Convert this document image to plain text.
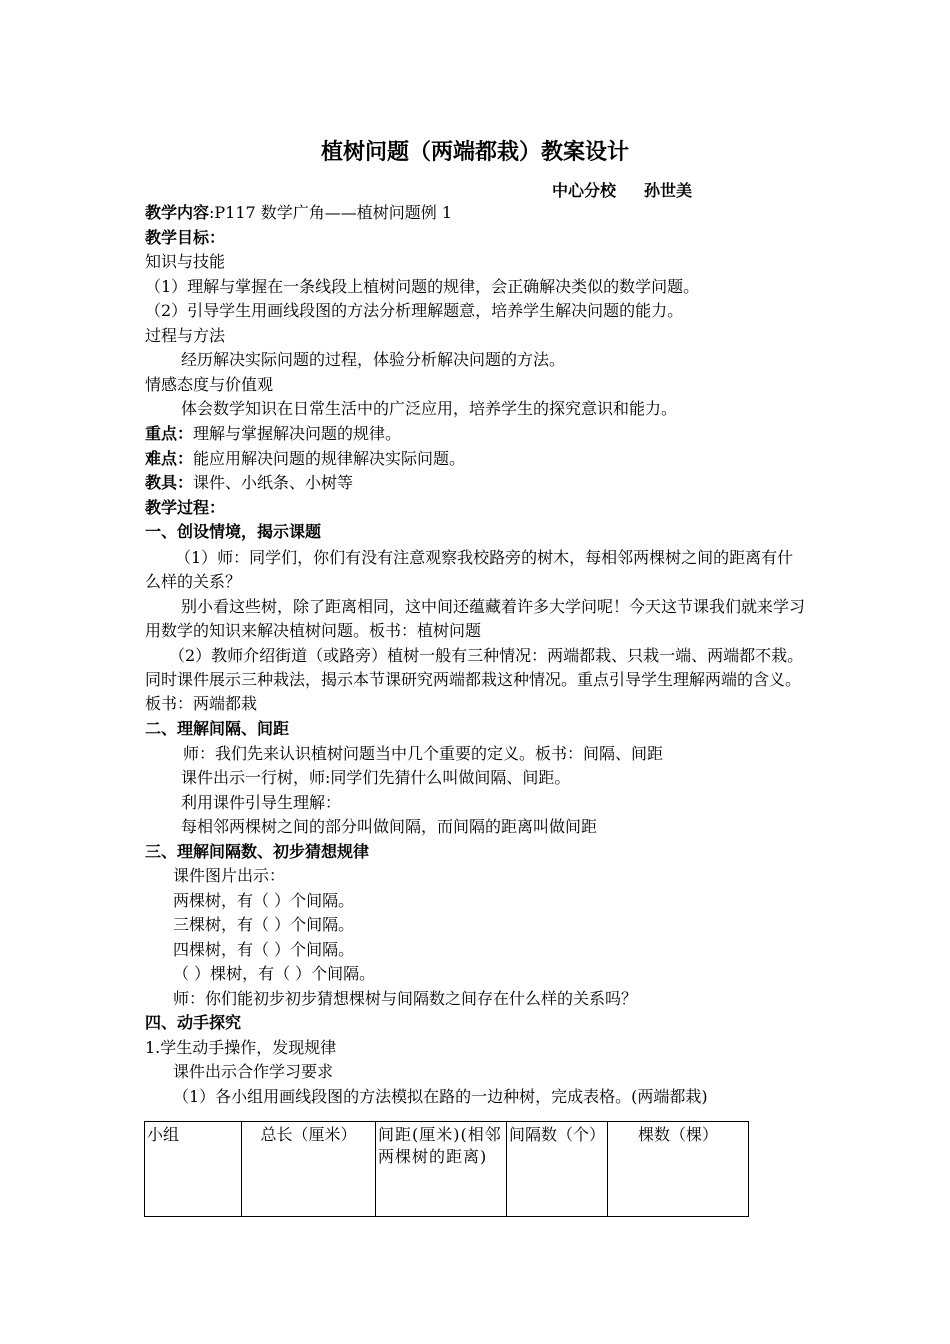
植树问题（两端都栽）教案设计
中心分校 孙世美
教学内容:P117 数学广角——植树问题例 1
教学目标：
知识与技能
（1）理解与掌握在一条线段上植树问题的规律，会正确解决类似的数学问题。
（2）引导学生用画线段图的方法分析理解题意，培养学生解决问题的能力。
过程与方法
经历解决实际问题的过程，体验分析解决问题的方法。
情感态度与价值观
体会数学知识在日常生活中的广泛应用，培养学生的探究意识和能力。
重点：理解与掌握解决问题的规律。
难点：能应用解决问题的规律解决实际问题。
教具：课件、小纸条、小树等
教学过程：
一、创设情境，揭示课题
（1）师：同学们，你们有没有注意观察我校路旁的树木，每相邻两棵树之间的距离有什么样的关系？
别小看这些树，除了距离相同，这中间还蕴藏着许多大学问呢！今天这节课我们就来学习用数学的知识来解决植树问题。板书：植树问题
（2）教师介绍街道（或路旁）植树一般有三种情况：两端都栽、只栽一端、两端都不栽。同时课件展示三种栽法，揭示本节课研究两端都栽这种情况。重点引导学生理解两端的含义。板书：两端都栽
二、理解间隔、间距
师：我们先来认识植树问题当中几个重要的定义。板书：间隔、间距
课件出示一行树，师:同学们先猜什么叫做间隔、间距。
利用课件引导生理解：
每相邻两棵树之间的部分叫做间隔，而间隔的距离叫做间距
三、理解间隔数、初步猜想规律
课件图片出示：
两棵树，有（ ）个间隔。
三棵树，有（ ）个间隔。
四棵树，有（ ）个间隔。
（ ）棵树，有（ ）个间隔。
师：你们能初步初步猜想棵树与间隔数之间存在什么样的关系吗？
四、动手探究
1.学生动手操作，发现规律
课件出示合作学习要求
（1）各小组用画线段图的方法模拟在路的一边种树，完成表格。(两端都栽)
小组	总长（厘米）	间距(厘米)(相邻两棵树的距离)	间隔数（个）	棵数（棵）
